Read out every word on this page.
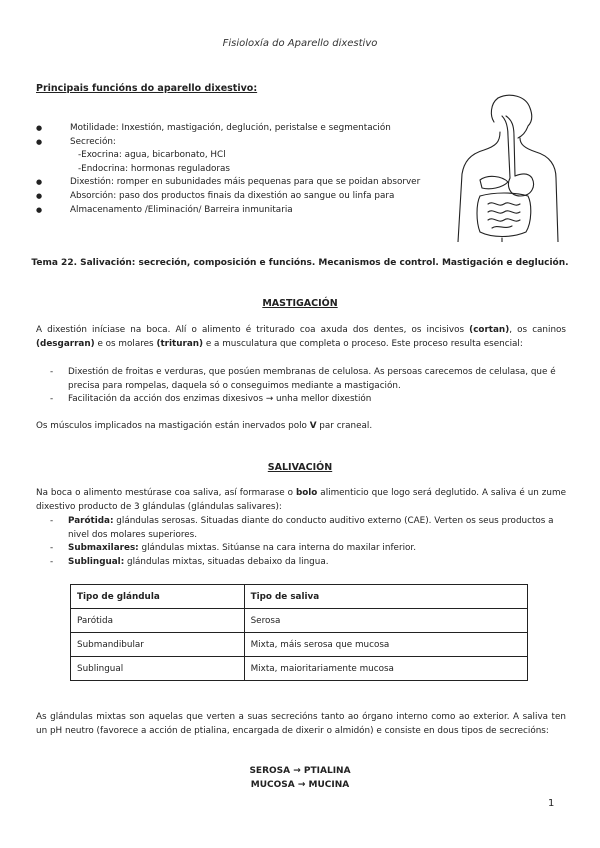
Fisioloxía do Aparello dixestivo
Principais funcións do aparello dixestivo:
● Motilidade: Inxestión, mastigación, deglución, peristalse e segmentación
● Secreción:
-Exocrina: agua, bicarbonato, HCl
-Endocrina: hormonas reguladoras
● Dixestión: romper en subunidades máis pequenas para que se poidan absorver
● Absorción: paso dos productos finais da dixestión ao sangue ou linfa para
● Almacenamento /Eliminación/ Barreira inmunitaria
Tema 22. Salivación: secreción, composición e funcións. Mecanismos de control. Mastigación e deglución.
MASTIGACIÓN
A dixestión iníciase na boca. Alí o alimento é triturado coa axuda dos dentes, os incisivos (cortan), os caninos (desgarran) e os molares (trituran) e a musculatura que completa o proceso. Este proceso resulta esencial:
- Dixestión de froitas e verduras, que posúen membranas de celulosa. As persoas carecemos de celulasa, que é precisa para rompelas, daquela só o conseguimos mediante a mastigación.
- Facilitación da acción dos enzimas dixesivos → unha mellor dixestión
Os músculos implicados na mastigación están inervados polo V par craneal.
SALIVACIÓN
Na boca o alimento mestúrase coa saliva, así formarase o bolo alimenticio que logo será deglutido. A saliva é un zume dixestivo producto de 3 glándulas (glándulas salivares):
- Parótida: glándulas serosas. Situadas diante do conducto auditivo externo (CAE). Verten os seus productos a nivel dos molares superiores.
- Submaxilares: glándulas mixtas. Sitúanse na cara interna do maxilar inferior.
- Sublingual: glándulas mixtas, situadas debaixo da lingua.
Tipo de glándula	Tipo de saliva
Parótida	Serosa
Submandibular	Mixta, máis serosa que mucosa
Sublingual	Mixta, maioritariamente mucosa
As glándulas mixtas son aquelas que verten a suas secrecións tanto ao órgano interno como ao exterior. A saliva ten un pH neutro (favorece a acción de ptialina, encargada de dixerir o almidón) e consiste en dous tipos de secrecións:
SEROSA → PTIALINA
MUCOSA → MUCINA
1
